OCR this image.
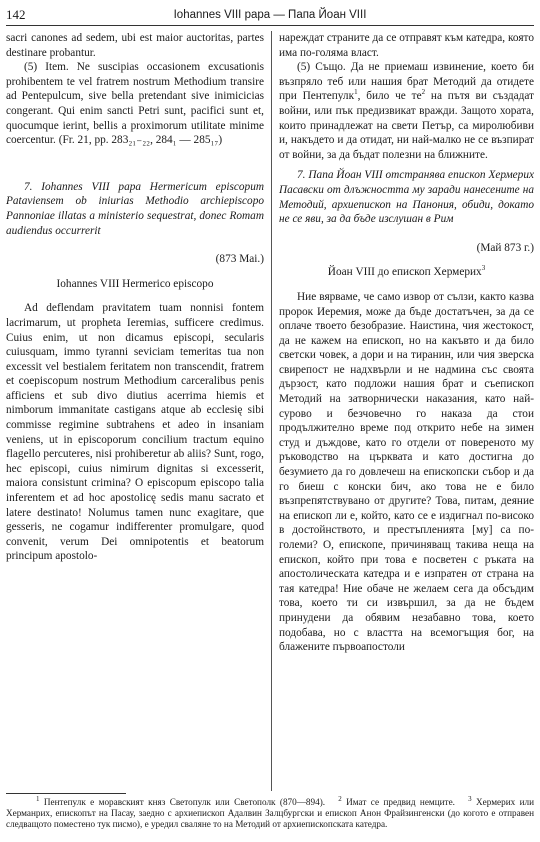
142	Iohannes VIII papa — Папа Йоан VIII

sacri canones ad sedem, ubi est maior auctoritas, partes destinare probantur.

(5) Item. Ne suscipias occasionem excusationis prohibentem te vel fratrem nostrum Methodium transire ad Pentepulcum, sive bella pretendant sive inimicicias congerant. Qui enim sancti Petri sunt, pacifici sunt et, quocumque ierint, bellis a proximorum utilitate minime coercentur. (Fr. 21, pp. 283₂₁₋₂₂, 284₁ — 285₁₇)

7. Iohannes VIII papa Hermericum episcopum Pataviensem ob iniurias Methodio archiepiscopo Pannoniae illatas a ministerio sequestrat, donec Romam audiendus occurrerit

(873 Mai.)
Iohannes VIII Hermerico episcopo

Ad deflendam pravitatem tuam nonnisi fontem lacrimarum, ut propheta Ieremias, sufficere credimus. Cuius enim, ut non dicamus episcopi, secularis cuiusquam, immo tyranni seviciam temeritas tua non excessit vel bestialem feritatem non transcendit, fratrem et coepiscopum nostrum Methodium carceralibus penis afficiens et sub divo diutius acerrima hiemis et nimborum immanitate castigans atque ab ecclesię sibi commisse regimine subtrahens et adeo in insaniam veniens, ut in episcoporum concilium tractum equino flagello percuteres, nisi prohiberetur ab aliis? Sunt, rogo, hec episcopi, cuius nimirum dignitas si excesserit, maiora consistunt crimina? O episcopum episcopo talia inferentem et ad hoc apostolicę sedis manu sacrato et latere destinato! Nolumus tamen nunc exagitare, que gesseris, ne cogamur indifferenter promulgare, quod convenit, verum Dei omnipotentis et beatorum principum apostolo-

нареждат страните да се отправят към катедра, която има по-голяма власт.

(5) Също. Да не приемаш извинение, което би възпряло теб или нашия брат Методий да отидете при Пентепулк$^1$, било че $те^2$ на пътя ви създадат войни, или пък предизвикат вражди. Защото хората, които принадлежат на свети Петър, са миролюбиви и, накъдето и да отидат, ни най-малко не се възпират от войни, за да бъдат полезни на ближните.

7. Папа Йоан VIII отстранява епископ Хермерих Пасавски от длъжността му заради нанесените на Методий, архиепископ на Панония, обиди, докато не се яви, за да бъде изслушан в Рим

(Май 873 г.)
Йоан VIII до епископ Хермерих$^3$

Ние вярваме, че само извор от сълзи, както казва пророк Иеремия, може да бъде достатъчен, за да се оплаче твоето безобразие. Наистина, чия жестокост, да не кажем на епископ, но на какъвто и да било светски човек, а дори и на тиранин, или чия зверска свирепост не надхвърли и не надмина със своята дързост, като подложи нашия брат и съепископ Методий на затворнически наказания, като най-сурово и безчовечно го наказа да стои продължително време под открито небе на зимен студ и дъждове, като го отдели от повереното му ръководство на църквата и като достигна до безумието да го довлечеш на епископски събор и да го биеш с конски бич, ако това не е било възпрепятствувано от другите? Това, питам, деяние на епископ ли е, който, като се е издигнал по-високо в достойнството, и престъпленията [му] са по-големи? О, епископе, причиняващ такива неща на епископ, който при това е посветен с ръката на апостолическата катедра и е изпратен от страна на тая катедра! Ние обаче не желаем сега да обсъдим това, което ти си извършил, за да не бъдем принудени да обявим незабавно това, което подобава, но с властта на всемогъщия бог, на блажените първоапостоли

$^1$ Пентепулк е моравският княз Светопулк или Светополк (870—894). $^2$ Имат се предвид немците. $^3$ Хермерих или Херманрих, епископът на Пасау, заедно с архиепископ Адалвин Залцбургски и епископ Анон Фрайзингенски (до когото е отправен следващото поместено тук писмо), е уредил сваляне то на Методий от архиепископската катедра.
